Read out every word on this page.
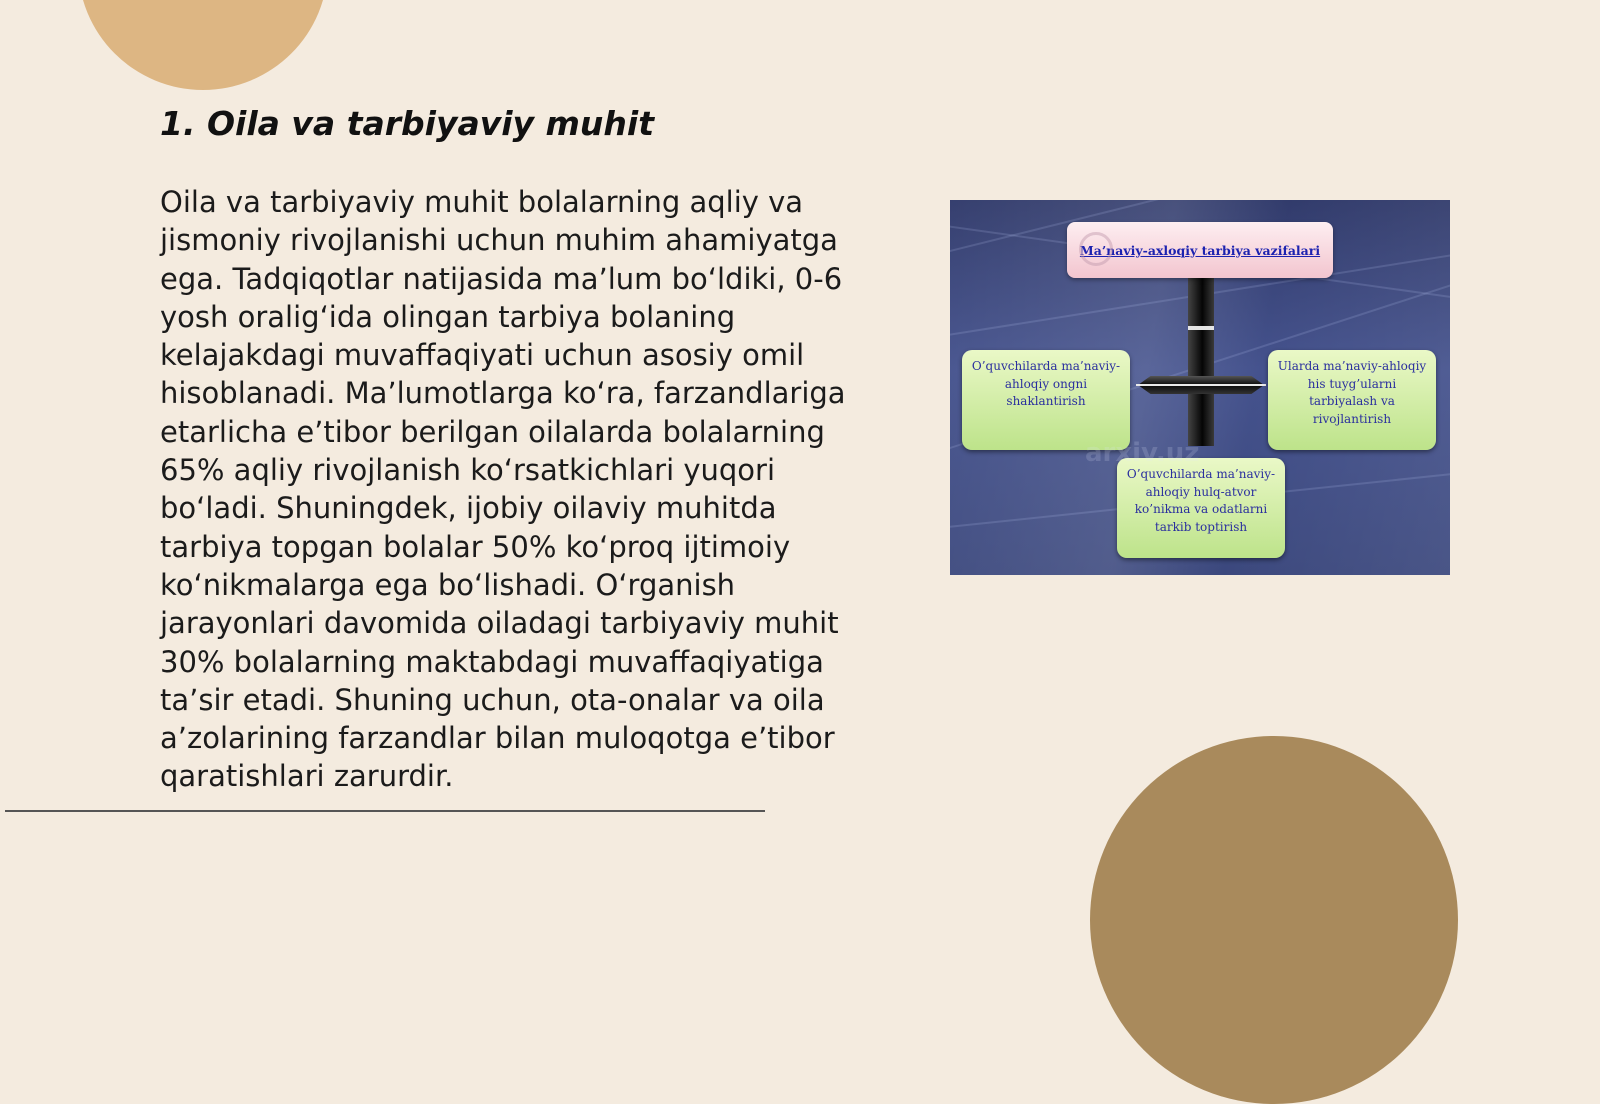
1. Oila va tarbiyaviy muhit

Oila va tarbiyaviy muhit bolalarning aqliy va jismoniy rivojlanishi uchun muhim ahamiyatga ega. Tadqiqotlar natijasida ma’lum bo‘ldiki, 0-6 yosh oralig‘ida olingan tarbiya bolaning kelajakdagi muvaffaqiyati uchun asosiy omil hisoblanadi. Ma’lumotlarga ko‘ra, farzandlariga etarlicha e’tibor berilgan oilalarda bolalarning 65% aqliy rivojlanish ko‘rsatkichlari yuqori bo‘ladi. Shuningdek, ijobiy oilaviy muhitda tarbiya topgan bolalar 50% ko‘proq ijtimoiy ko‘nikmalarga ega bo‘lishadi. O‘rganish jarayonlari davomida oiladagi tarbiyaviy muhit 30% bolalarning maktabdagi muvaffaqiyatiga ta’sir etadi. Shuning uchun, ota-onalar va oila a’zolarining farzandlar bilan muloqotga e’tibor qaratishlari zarurdir.

Ma’naviy-axloqiy tarbiya vazifalari
O’quvchilarda ma’naviy-
ahloqiy ongni
shaklantirish
Ularda ma’naviy-ahloqiy
his tuyg’ularni
tarbiyalash va
rivojlantirish
O’quvchilarda ma’naviy-
ahloqiy hulq-atvor
ko’nikma va odatlarni
tarkib toptirish
arxiv.uz
